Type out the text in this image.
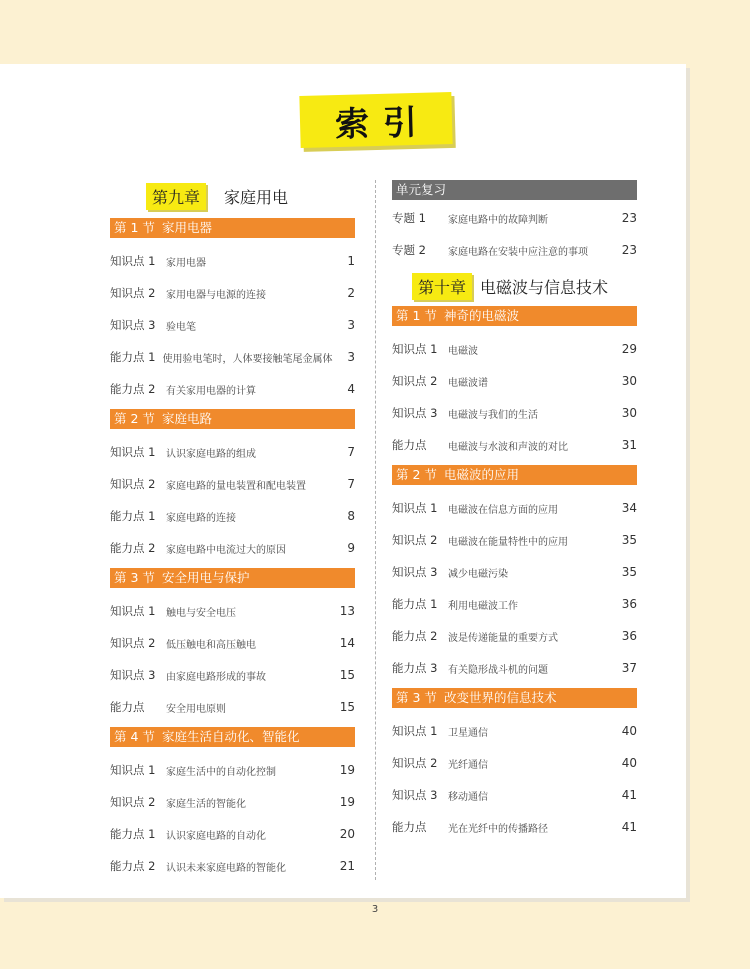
索引
第九章	家庭用电
第 1 节 家用电器
知识点 1	家用电器	1
知识点 2	家用电器与电源的连接	2
知识点 3	验电笔	3
能力点 1 使用验电笔时，人体要接触笔尾金属体	3
能力点 2	有关家用电器的计算	4
第 2 节 家庭电路
知识点 1	认识家庭电路的组成	7
知识点 2	家庭电路的量电装置和配电装置	7
能力点 1	家庭电路的连接	8
能力点 2	家庭电路中电流过大的原因	9
第 3 节 安全用电与保护
知识点 1	触电与安全电压	13
知识点 2	低压触电和高压触电	14
知识点 3	由家庭电路形成的事故	15
能力点	安全用电原则	15
第 4 节 家庭生活自动化、智能化
知识点 1	家庭生活中的自动化控制	19
知识点 2	家庭生活的智能化	19
能力点 1	认识家庭电路的自动化	20
能力点 2	认识未来家庭电路的智能化	21
单元复习
专题 1	家庭电路中的故障判断	23
专题 2	家庭电路在安装中应注意的事项	23
第十章 电磁波与信息技术
第 1 节 神奇的电磁波
知识点 1	电磁波	29
知识点 2	电磁波谱	30
知识点 3	电磁波与我们的生活	30
能力点	电磁波与水波和声波的对比	31
第 2 节 电磁波的应用
知识点 1	电磁波在信息方面的应用	34
知识点 2	电磁波在能量特性中的应用	35
知识点 3	减少电磁污染	35
能力点 1	利用电磁波工作	36
能力点 2	波是传递能量的重要方式	36
能力点 3	有关隐形战斗机的问题	37
第 3 节 改变世界的信息技术
知识点 1	卫星通信	40
知识点 2	光纤通信	40
知识点 3	移动通信	41
能力点	光在光纤中的传播路径	41
3
